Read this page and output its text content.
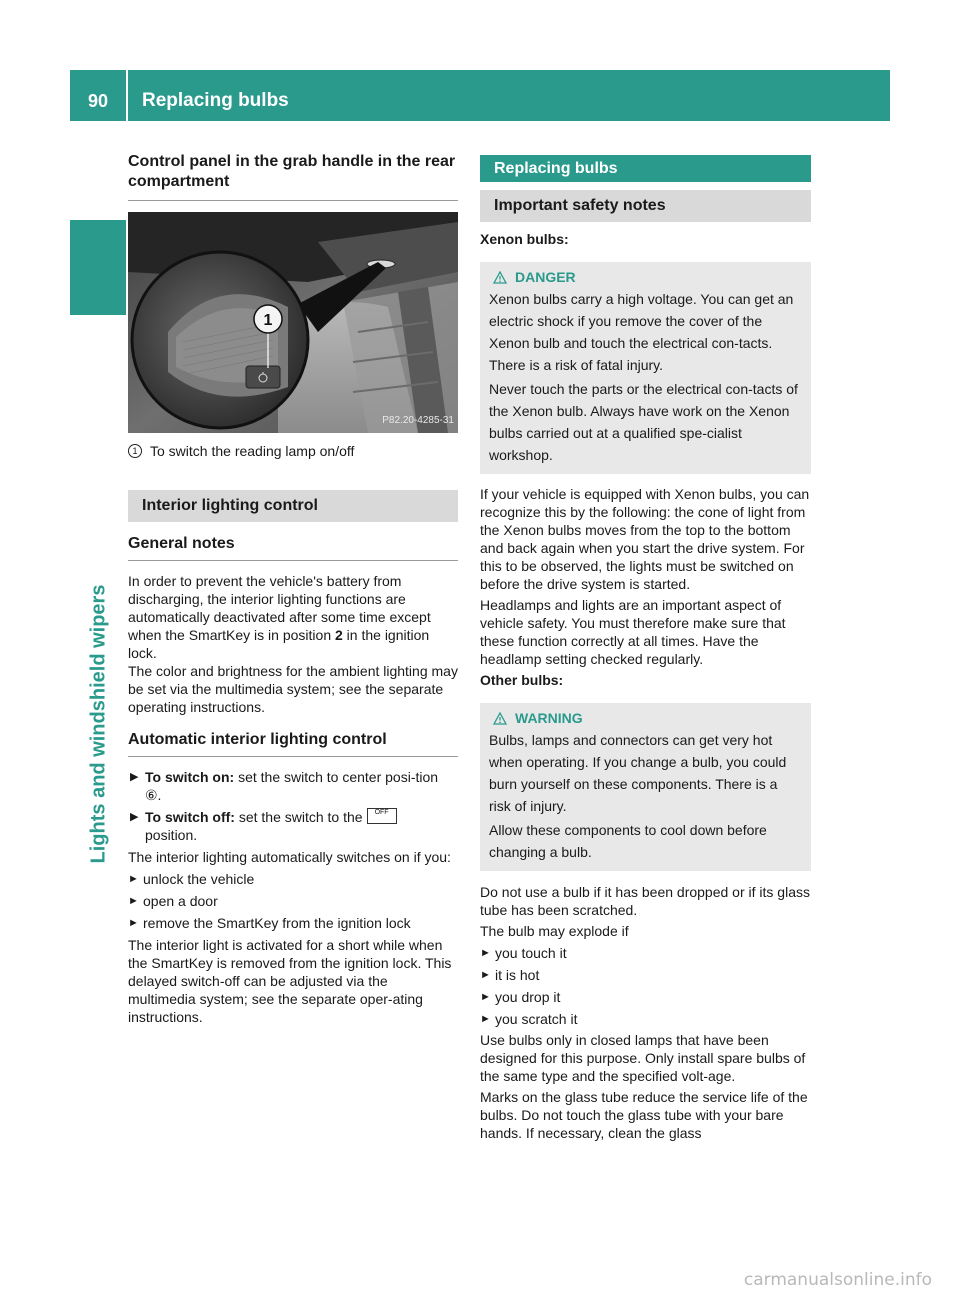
90	Replacing bulbs
Lights and windshield wipers
Control panel in the grab handle in the rear compartment
1
P82.20-4285-31
1 To switch the reading lamp on/off
Interior lighting control
General notes

In order to prevent the vehicle's battery from discharging, the interior lighting functions are automatically deactivated after some time except when the SmartKey is in position 2 in the ignition lock.

The color and brightness for the ambient lighting may be set via the multimedia system; see the separate operating instructions.

Automatic interior lighting control
▶ To switch on: set the switch to center posi-tion ⑥.
▶ To switch off: set the switch to the OFF
position.

The interior lighting automatically switches on if you:

► unlock the vehicle
► open a door
► remove the SmartKey from the ignition lock

The interior light is activated for a short while when the SmartKey is removed from the ignition lock. This delayed switch-off can be adjusted via the multimedia system; see the separate oper-ating instructions.

Replacing bulbs
Important safety notes

Xenon bulbs:

DANGER

Xenon bulbs carry a high voltage. You can get an electric shock if you remove the cover of the Xenon bulb and touch the electrical con-tacts. There is a risk of fatal injury.

Never touch the parts or the electrical con-tacts of the Xenon bulb. Always have work on the Xenon bulbs carried out at a qualified spe-cialist workshop.

If your vehicle is equipped with Xenon bulbs, you can recognize this by the following: the cone of light from the Xenon bulbs moves from the top to the bottom and back again when you start the drive system. For this to be observed, the lights must be switched on before the drive system is started.

Headlamps and lights are an important aspect of vehicle safety. You must therefore make sure that these function correctly at all times. Have the headlamp setting checked regularly.

Other bulbs:

WARNING

Bulbs, lamps and connectors can get very hot when operating. If you change a bulb, you could burn yourself on these components. There is a risk of injury.

Allow these components to cool down before changing a bulb.

Do not use a bulb if it has been dropped or if its glass tube has been scratched.

The bulb may explode if

► you touch it
► it is hot
► you drop it
► you scratch it

Use bulbs only in closed lamps that have been designed for this purpose. Only install spare bulbs of the same type and the specified volt-age.

Marks on the glass tube reduce the service life of the bulbs. Do not touch the glass tube with your bare hands. If necessary, clean the glass

carmanualsonline.info
